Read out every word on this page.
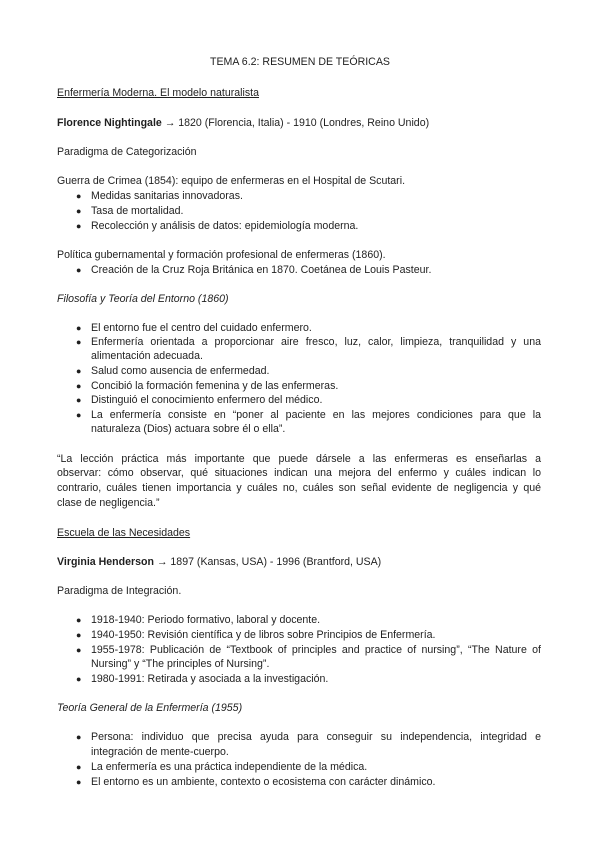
TEMA 6.2: RESUMEN DE TEÓRICAS
Enfermería Moderna. El modelo naturalista
Florence Nightingale → 1820 (Florencia, Italia) - 1910 (Londres, Reino Unido)
Paradigma de Categorización
Guerra de Crimea (1854): equipo de enfermeras en el Hospital de Scutari.
● Medidas sanitarias innovadoras.
● Tasa de mortalidad.
● Recolección y análisis de datos: epidemiología moderna.
Política gubernamental y formación profesional de enfermeras (1860).
● Creación de la Cruz Roja Británica en 1870. Coetánea de Louis Pasteur.
Filosofía y Teoría del Entorno (1860)
● El entorno fue el centro del cuidado enfermero.
● Enfermería orientada a proporcionar aire fresco, luz, calor, limpieza, tranquilidad y una
alimentación adecuada.
● Salud como ausencia de enfermedad.
● Concibió la formación femenina y de las enfermeras.
● Distinguió el conocimiento enfermero del médico.
● La enfermería consiste en “poner al paciente en las mejores condiciones para que la
naturaleza (Dios) actuara sobre él o ella”.
“La lección práctica más importante que puede dársele a las enfermeras es enseñarlas a
observar: cómo observar, qué situaciones indican una mejora del enfermo y cuáles indican lo
contrario, cuáles tienen importancia y cuáles no, cuáles son señal evidente de negligencia y qué
clase de negligencia.”
Escuela de las Necesidades
Virginia Henderson → 1897 (Kansas, USA) - 1996 (Brantford, USA)
Paradigma de Integración.
● 1918-1940: Periodo formativo, laboral y docente.
● 1940-1950: Revisión científica y de libros sobre Principios de Enfermería.
● 1955-1978: Publicación de “Textbook of principles and practice of nursing”, “The Nature of
Nursing” y “The principles of Nursing”.
● 1980-1991: Retirada y asociada a la investigación.
Teoría General de la Enfermería (1955)
● Persona: individuo que precisa ayuda para conseguir su independencia, integridad e
integración de mente-cuerpo.
● La enfermería es una práctica independiente de la médica.
● El entorno es un ambiente, contexto o ecosistema con carácter dinámico.
